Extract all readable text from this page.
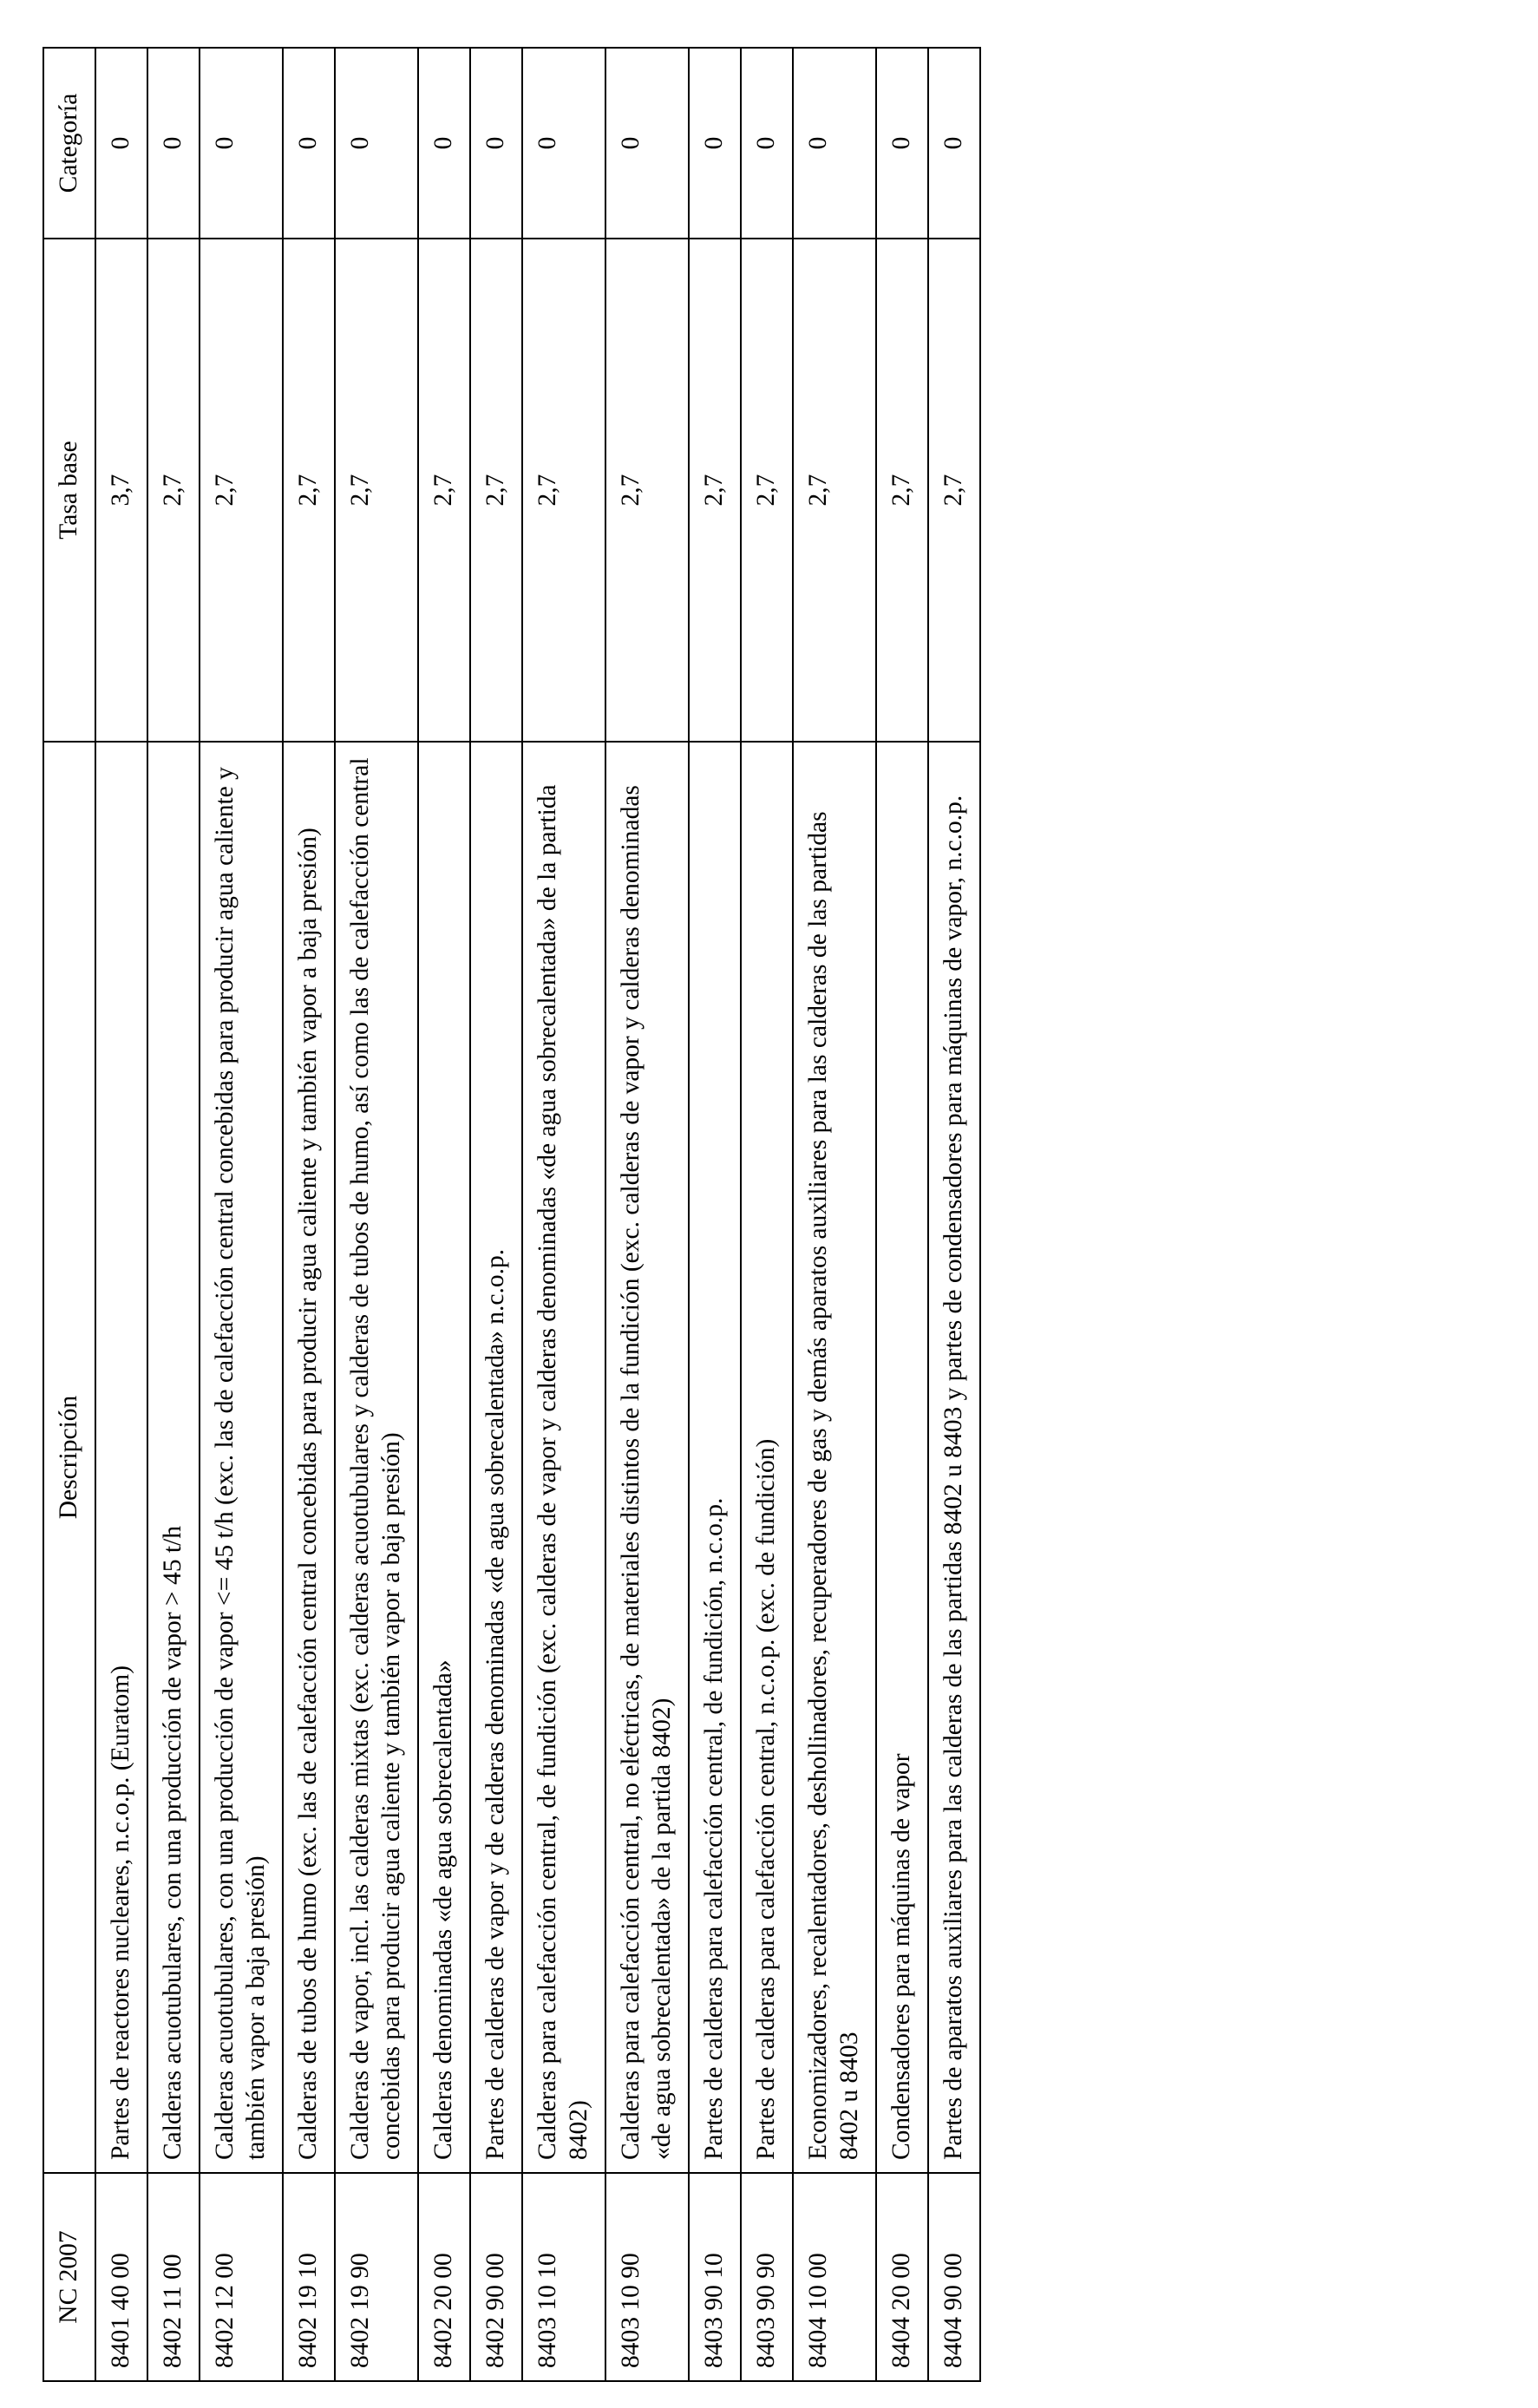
NC 2007	Descripción	Tasa base	Categoría
8401 40 00	Partes de reactores nucleares, n.c.o.p. (Euratom)	3,7	0
8402 11 00	Calderas acuotubulares, con una producción de vapor > 45 t/h	2,7	0
8402 12 00	Calderas acuotubulares, con una producción de vapor <= 45 t/h (exc. las de calefacción central concebidas para producir agua caliente y también vapor a baja presión)	2,7	0
8402 19 10	Calderas de tubos de humo (exc. las de calefacción central concebidas para producir agua caliente y también vapor a baja presión)	2,7	0
8402 19 90	Calderas de vapor, incl. las calderas mixtas (exc. calderas acuotubulares y calderas de tubos de humo, así como las de calefacción central concebidas para producir agua caliente y también vapor a baja presión)	2,7	0
8402 20 00	Calderas denominadas «de agua sobrecalentada»	2,7	0
8402 90 00	Partes de calderas de vapor y de calderas denominadas «de agua sobrecalentada» n.c.o.p.	2,7	0
8403 10 10	Calderas para calefacción central, de fundición (exc. calderas de vapor y calderas denominadas «de agua sobrecalentada» de la partida 8402)	2,7	0
8403 10 90	Calderas para calefacción central, no eléctricas, de materiales distintos de la fundición (exc. calderas de vapor y calderas denominadas «de agua sobrecalentada» de la partida 8402)	2,7	0
8403 90 10	Partes de calderas para calefacción central, de fundición, n.c.o.p.	2,7	0
8403 90 90	Partes de calderas para calefacción central, n.c.o.p. (exc. de fundición)	2,7	0
8404 10 00	Economizadores, recalentadores, deshollinadores, recuperadores de gas y demás aparatos auxiliares para las calderas de las partidas 8402 u 8403	2,7	0
8404 20 00	Condensadores para máquinas de vapor	2,7	0
8404 90 00	Partes de aparatos auxiliares para las calderas de las partidas 8402 u 8403 y partes de condensadores para máquinas de vapor, n.c.o.p.	2,7	0
